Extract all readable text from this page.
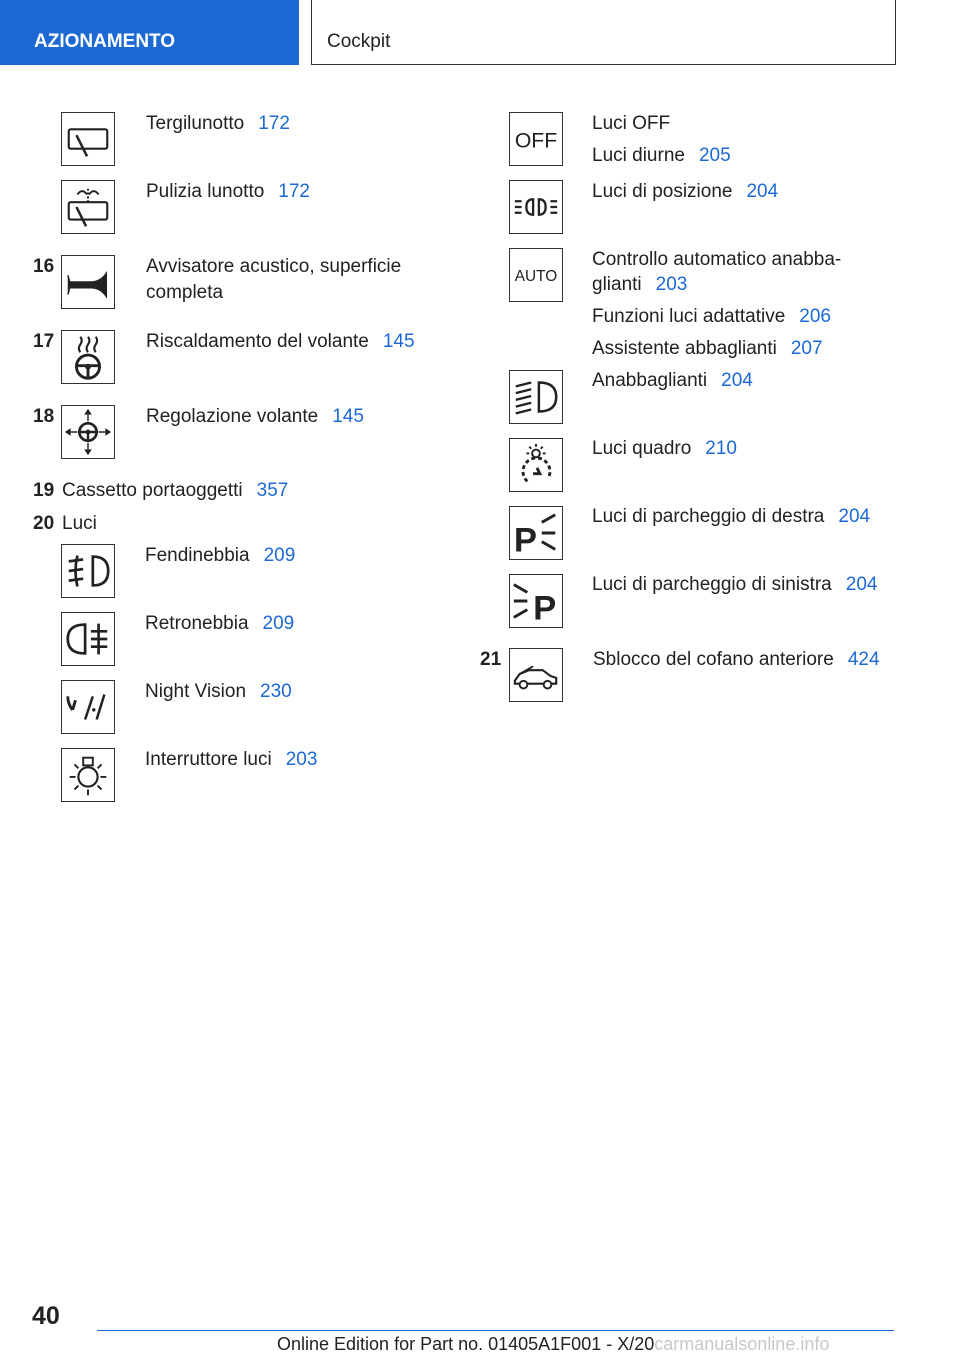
AZIONAMENTO	Cockpit
Tergilunotto 172
Pulizia lunotto 172
16	Avvisatore acustico, superficie
completa
17	Riscaldamento del volante 145
18	Regolazione volante 145
19 Cassetto portaoggetti 357
20 Luci
Fendinebbia 209
Retronebbia 209
Night Vision 230
Interruttore luci 203
OFF
Luci OFF
Luci diurne 205
Luci di posizione 204
AUTO
Controllo automatico anabba-
glianti 203
Funzioni luci adattative 206
Assistente abbaglianti 207
Anabbaglianti 204
Luci quadro 210
P
Luci di parcheggio di destra 204
P
Luci di parcheggio di sinistra 204
21	Sblocco del cofano anteriore 424
40
Online Edition for Part no. 01405A1F001 - X/20carmanualsonline.info
